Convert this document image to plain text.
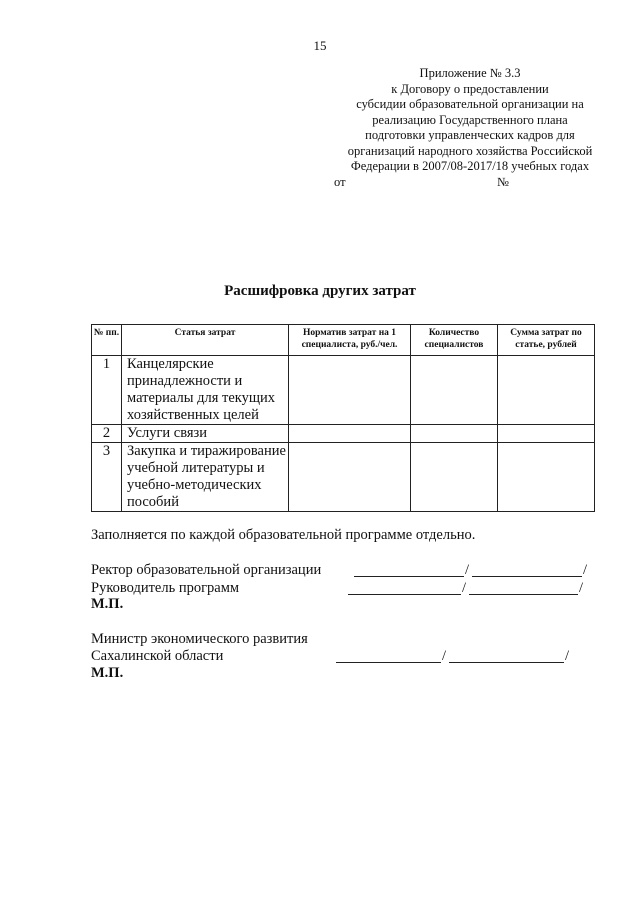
15
Приложение № 3.3
к Договору о предоставлении
субсидии образовательной организации на
реализацию Государственного плана
подготовки управленческих кадров для
организаций народного хозяйства Российской
Федерации в 2007/08-2017/18 учебных годах
от	№
Расшифровка других затрат
№ пп.	Статья затрат	Норматив затрат на 1 специалиста, руб./чел.	Количество специалистов	Сумма затрат по статье, рублей
1	Канцелярские принадлежности и материалы для текущих хозяйственных целей			
2	Услуги связи			
3	Закупка и тиражирование учебной литературы и учебно-методических пособий			
Заполняется по каждой образовательной программе отдельно.
Ректор образовательной организации	/	/
Руководитель программ	/	/
М.П.
Министр экономического развития
Сахалинской области	/	/
М.П.
